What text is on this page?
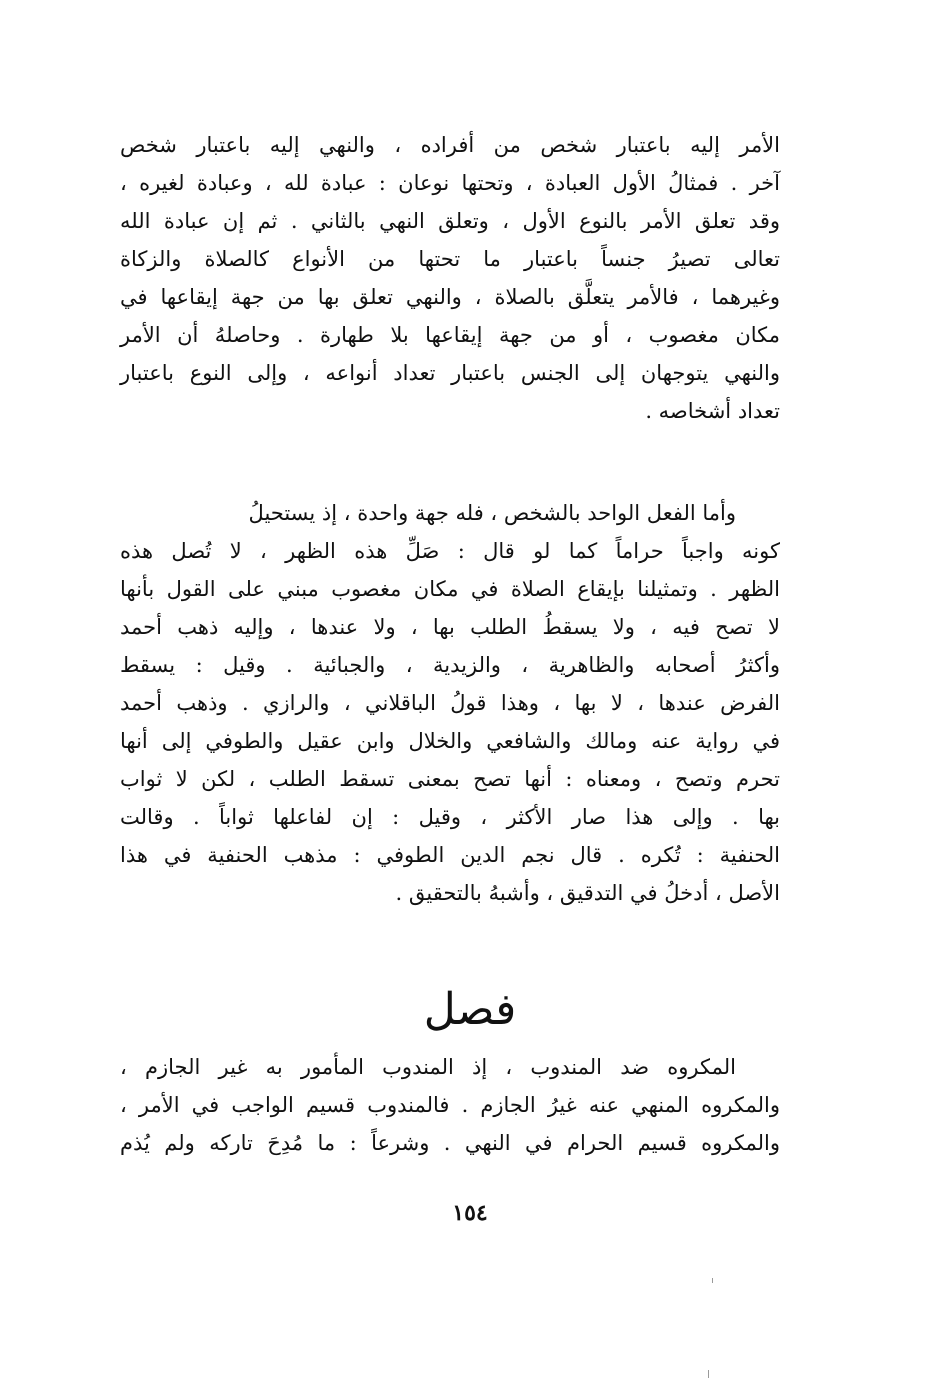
الأمر إليه باعتبار شخص من أفراده ، والنهي إليه باعتبار شخص
آخر . فمثالُ الأول العبادة ، وتحتها نوعان : عبادة لله ، وعبادة لغيره ،
وقد تعلق الأمر بالنوع الأول ، وتعلق النهي بالثاني . ثم إن عبادة الله
تعالى تصيرُ جنساً باعتبار ما تحتها من الأنواع كالصلاة والزكاة
وغيرهما ، فالأمر يتعلَّق بالصلاة ، والنهي تعلق بها من جهة إيقاعها في
مكان مغصوب ، أو من جهة إيقاعها بلا طهارة . وحاصلهُ أن الأمر
والنهي يتوجهان إلى الجنس باعتبار تعداد أنواعه ، وإلى النوع باعتبار
تعداد أشخاصه .
وأما الفعل الواحد بالشخص ، فله جهة واحدة ، إذ يستحيلُ
كونه واجباً حراماً كما لو قال : صَلِّ هذه الظهر ، لا تُصل هذه
الظهر . وتمثيلنا بإيقاع الصلاة في مكان مغصوب مبني على القول بأنها
لا تصح فيه ، ولا يسقطُ الطلب بها ، ولا عندها ، وإليه ذهب أحمد
وأكثرُ أصحابه والظاهرية ، والزيدية ، والجبائية . وقيل : يسقط
الفرض عندها ، لا بها ، وهذا قولُ الباقلاني ، والرازي . وذهب أحمد
في رواية عنه ومالك والشافعي والخلال وابن عقيل والطوفي إلى أنها
تحرم وتصح ، ومعناه : أنها تصح بمعنى تسقط الطلب ، لكن لا ثواب
بها . وإلى هذا صار الأكثر ، وقيل : إن لفاعلها ثواباً . وقالت
الحنفية : تُكره . قال نجم الدين الطوفي : مذهب الحنفية في هذا
الأصل ، أدخلُ في التدقيق ، وأشبهُ بالتحقيق .
فصل
المكروه ضد المندوب ، إذ المندوب المأمور به غير الجازم ،
والمكروه المنهي عنه غيرُ الجازم . فالمندوب قسيم الواجب في الأمر ،
والمكروه قسيم الحرام في النهي . وشرعاً : ما مُدِحَ تاركه ولم يُذم
١٥٤
